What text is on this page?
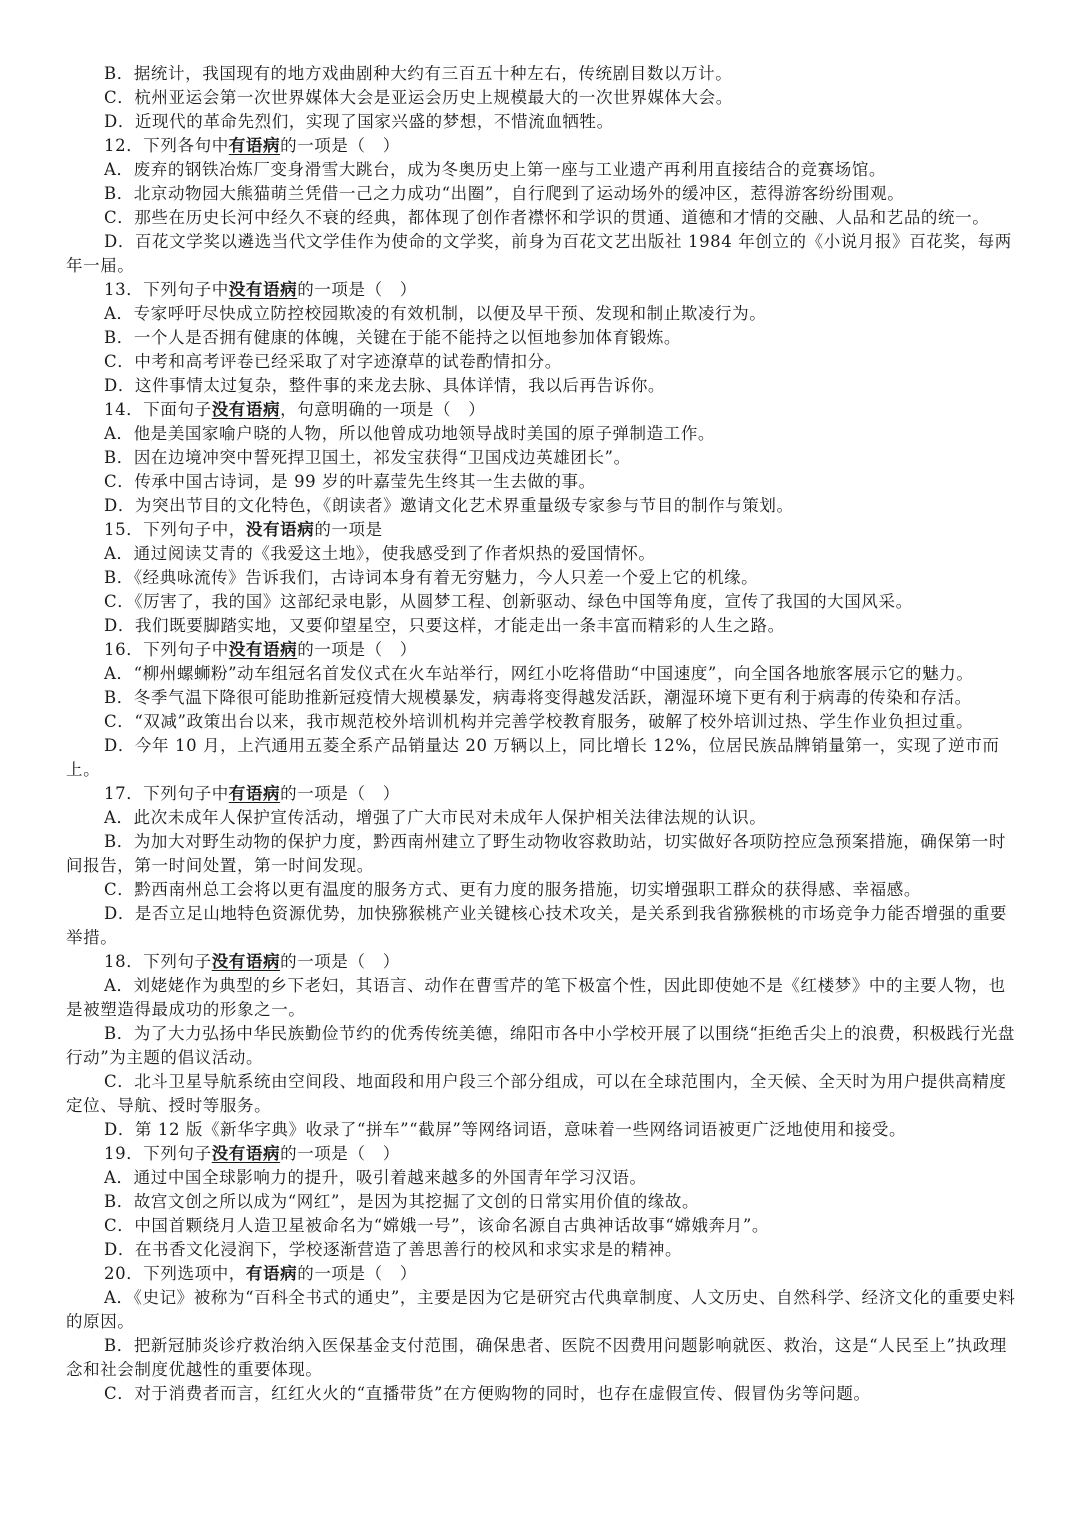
B．据统计，我国现有的地方戏曲剧种大约有三百五十种左右，传统剧目数以万计。

C．杭州亚运会第一次世界媒体大会是亚运会历史上规模最大的一次世界媒体大会。

D．近现代的革命先烈们，实现了国家兴盛的梦想，不惜流血牺牲。

12．下列各句中有语病的一项是（　）

A．废弃的钢铁冶炼厂变身滑雪大跳台，成为冬奥历史上第一座与工业遗产再利用直接结合的竞赛场馆。

B．北京动物园大熊猫萌兰凭借一己之力成功“出圈”，自行爬到了运动场外的缓冲区，惹得游客纷纷围观。

C．那些在历史长河中经久不衰的经典，都体现了创作者襟怀和学识的贯通、道德和才情的交融、人品和艺品的统一。

D．百花文学奖以遴选当代文学佳作为使命的文学奖，前身为百花文艺出版社 1984 年创立的《小说月报》百花奖，每两年一届。

13．下列句子中没有语病的一项是（　）

A．专家呼吁尽快成立防控校园欺凌的有效机制，以便及早干预、发现和制止欺凌行为。

B．一个人是否拥有健康的体魄，关键在于能不能持之以恒地参加体育锻炼。

C．中考和高考评卷已经采取了对字迹潦草的试卷酌情扣分。

D．这件事情太过复杂，整件事的来龙去脉、具体详情，我以后再告诉你。

14．下面句子没有语病，句意明确的一项是（　）

A．他是美国家喻户晓的人物，所以他曾成功地领导战时美国的原子弹制造工作。

B．因在边境冲突中誓死捍卫国土，祁发宝获得“卫国戍边英雄团长”。

C．传承中国古诗词，是 99 岁的叶嘉莹先生终其一生去做的事。

D．为突出节目的文化特色，《朗读者》邀请文化艺术界重量级专家参与节目的制作与策划。

15．下列句子中，没有语病的一项是

A．通过阅读艾青的《我爱这土地》，使我感受到了作者炽热的爱国情怀。

B．《经典咏流传》告诉我们，古诗词本身有着无穷魅力，今人只差一个爱上它的机缘。

C．《厉害了，我的国》这部纪录电影，从圆梦工程、创新驱动、绿色中国等角度，宣传了我国的大国风采。

D．我们既要脚踏实地，又要仰望星空，只要这样，才能走出一条丰富而精彩的人生之路。

16．下列句子中没有语病的一项是（　）

A．“柳州螺蛳粉”动车组冠名首发仪式在火车站举行，网红小吃将借助“中国速度”，向全国各地旅客展示它的魅力。

B．冬季气温下降很可能助推新冠疫情大规模暴发，病毒将变得越发活跃，潮湿环境下更有利于病毒的传染和存活。

C．“双减”政策出台以来，我市规范校外培训机构并完善学校教育服务，破解了校外培训过热、学生作业负担过重。

D．今年 10 月，上汽通用五菱全系产品销量达 20 万辆以上，同比增长 12%，位居民族品牌销量第一，实现了逆市而上。

17．下列句子中有语病的一项是（　）

A．此次未成年人保护宣传活动，增强了广大市民对未成年人保护相关法律法规的认识。

B．为加大对野生动物的保护力度，黔西南州建立了野生动物收容救助站，切实做好各项防控应急预案措施，确保第一时间报告，第一时间处置，第一时间发现。

C．黔西南州总工会将以更有温度的服务方式、更有力度的服务措施，切实增强职工群众的获得感、幸福感。

D．是否立足山地特色资源优势，加快猕猴桃产业关键核心技术攻关，是关系到我省猕猴桃的市场竞争力能否增强的重要举措。

18．下列句子没有语病的一项是（　）

A．刘姥姥作为典型的乡下老妇，其语言、动作在曹雪芹的笔下极富个性，因此即使她不是《红楼梦》中的主要人物，也是被塑造得最成功的形象之一。

B．为了大力弘扬中华民族勤俭节约的优秀传统美德，绵阳市各中小学校开展了以围绕“拒绝舌尖上的浪费，积极践行光盘行动”为主题的倡议活动。

C．北斗卫星导航系统由空间段、地面段和用户段三个部分组成，可以在全球范围内，全天候、全天时为用户提供高精度定位、导航、授时等服务。

D．第 12 版《新华字典》收录了“拼车”“截屏”等网络词语，意味着一些网络词语被更广泛地使用和接受。

19．下列句子没有语病的一项是（　）

A．通过中国全球影响力的提升，吸引着越来越多的外国青年学习汉语。

B．故宫文创之所以成为“网红”，是因为其挖掘了文创的日常实用价值的缘故。

C．中国首颗绕月人造卫星被命名为“嫦娥一号”，该命名源自古典神话故事“嫦娥奔月”。

D．在书香文化浸润下，学校逐渐营造了善思善行的校风和求实求是的精神。

20．下列选项中，有语病的一项是（　）

A．《史记》被称为“百科全书式的通史”，主要是因为它是研究古代典章制度、人文历史、自然科学、经济文化的重要史料的原因。

B．把新冠肺炎诊疗救治纳入医保基金支付范围，确保患者、医院不因费用问题影响就医、救治，这是“人民至上”执政理念和社会制度优越性的重要体现。

C．对于消费者而言，红红火火的“直播带货”在方便购物的同时，也存在虚假宣传、假冒伪劣等问题。
